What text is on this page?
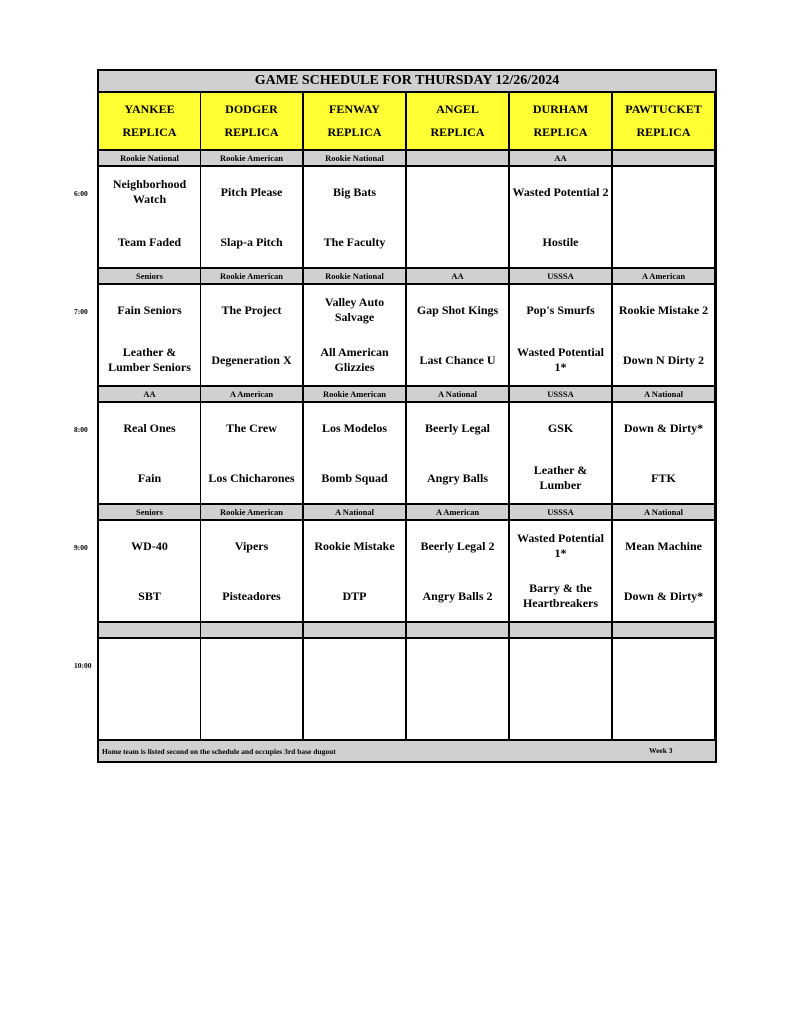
GAME SCHEDULE FOR THURSDAY 12/26/2024
YANKEE
REPLICA
DODGER
REPLICA
FENWAY
REPLICA
ANGEL
REPLICA
DURHAM
REPLICA
PAWTUCKET
REPLICA
Rookie National
Neighborhood Watch
Team Faded
Rookie American
Pitch Please
Slap-a Pitch
Rookie National
Big Bats
The Faculty
AA
Wasted Potential 2
Hostile
Seniors
Fain Seniors
Leather & Lumber Seniors
Rookie American
The Project
Degeneration X
Rookie National
Valley Auto Salvage
All American Glizzies
AA
Gap Shot Kings
Last Chance U
USSSA
Pop's Smurfs
Wasted Potential 1*
A American
Rookie Mistake 2
Down N Dirty 2
AA
Real Ones
Fain
A American
The Crew
Los Chicharones
Rookie American
Los Modelos
Bomb Squad
A National
Beerly Legal
Angry Balls
USSSA
GSK
Leather & Lumber
A National
Down & Dirty*
FTK
Seniors
WD-40
SBT
Rookie American
Vipers
Pisteadores
A National
Rookie Mistake
DTP
A American
Beerly Legal 2
Angry Balls 2
USSSA
Wasted Potential 1*
Barry & the Heartbreakers
A National
Mean Machine
Down & Dirty*
Home team is listed second on the schedule and occupies 3rd base dugout	Week 3
6:00
7:00
8:00
9:00
10:00
